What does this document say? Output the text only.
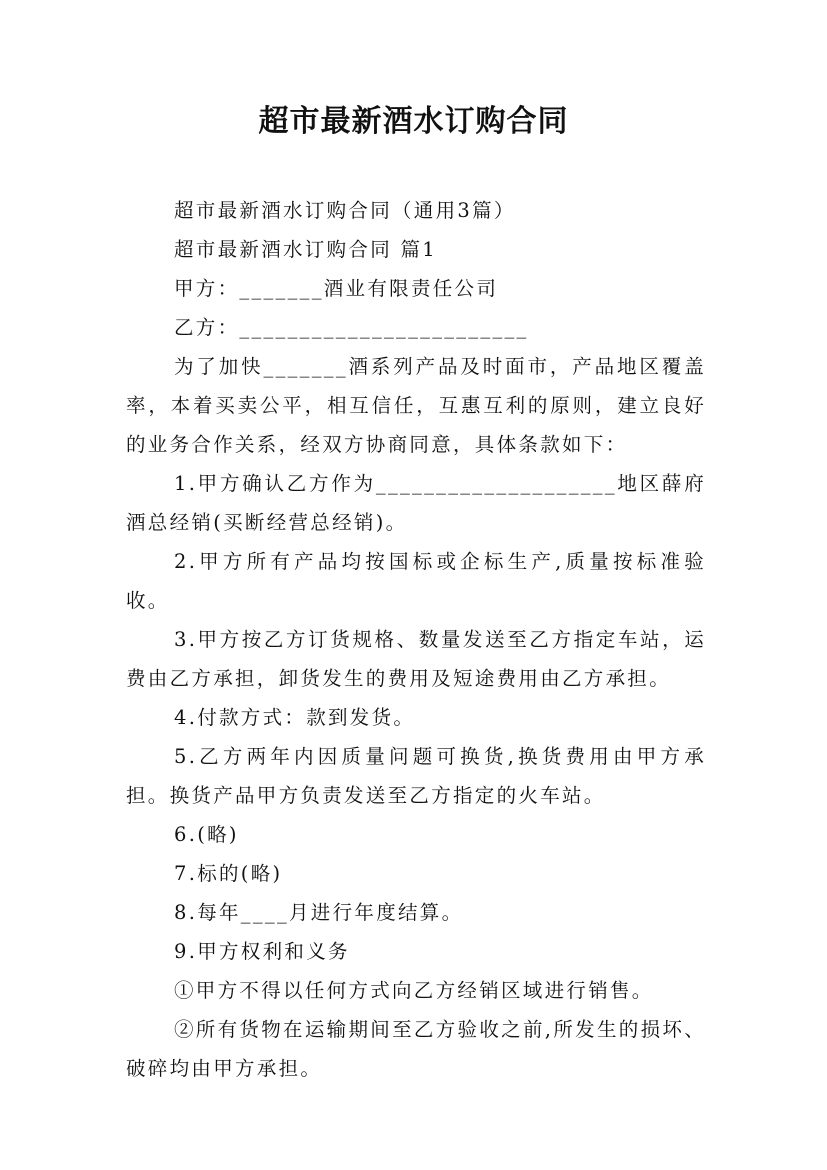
超市最新酒水订购合同

超市最新酒水订购合同（通用3篇）

超市最新酒水订购合同 篇1

甲方：_______酒业有限责任公司

乙方：________________________

为了加快_______酒系列产品及时面市，产品地区覆盖率，本着买卖公平，相互信任，互惠互利的原则，建立良好的业务合作关系，经双方协商同意，具体条款如下：

1.甲方确认乙方作为____________________地区薛府酒总经销(买断经营总经销)。

2.甲方所有产品均按国标或企标生产,质量按标准验收。

3.甲方按乙方订货规格、数量发送至乙方指定车站，运费由乙方承担，卸货发生的费用及短途费用由乙方承担。

4.付款方式：款到发货。

5.乙方两年内因质量问题可换货,换货费用由甲方承担。换货产品甲方负责发送至乙方指定的火车站。

6.(略)

7.标的(略)

8.每年____月进行年度结算。

9.甲方权利和义务

①甲方不得以任何方式向乙方经销区域进行销售。

②所有货物在运输期间至乙方验收之前,所发生的损坏、破碎均由甲方承担。
